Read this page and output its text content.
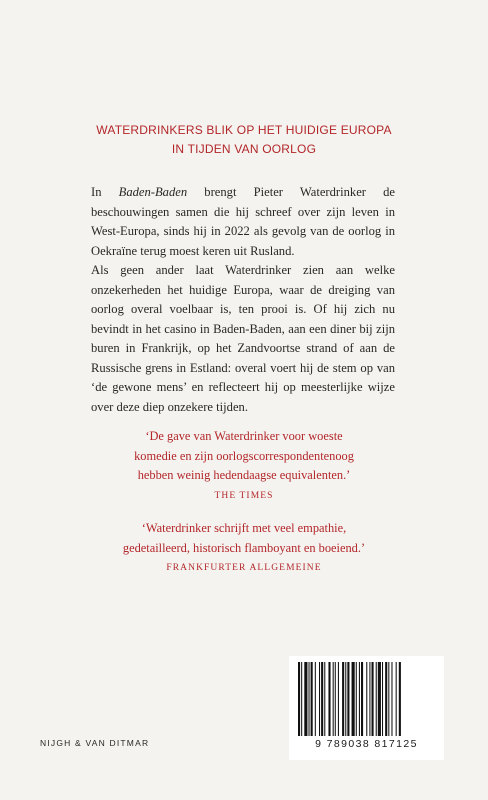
WATERDRINKERS BLIK OP HET HUIDIGE EUROPA
IN TIJDEN VAN OORLOG

In Baden-Baden brengt Pieter Waterdrinker de beschouwingen samen die hij schreef over zijn leven in West-Europa, sinds hij in 2022 als gevolg van de oorlog in Oekraïne terug moest keren uit Rusland.

Als geen ander laat Waterdrinker zien aan welke onzekerheden het huidige Europa, waar de dreiging van oorlog overal voelbaar is, ten prooi is. Of hij zich nu bevindt in het casino in Baden-Baden, aan een diner bij zijn buren in Frankrijk, op het Zandvoortse strand of aan de Russische grens in Estland: overal voert hij de stem op van ‘de gewone mens’ en reflecteert hij op meesterlijke wijze over deze diep onzekere tijden.

‘De gave van Waterdrinker voor woeste
komedie en zijn oorlogscorrespondentenoog
hebben weinig hedendaagse equivalenten.’
THE TIMES
‘Waterdrinker schrijft met veel empathie,
gedetailleerd, historisch flamboyant en boeiend.’
FRANKFURTER ALLGEMEINE
NIJGH & VAN DITMAR	9 789038 817125
